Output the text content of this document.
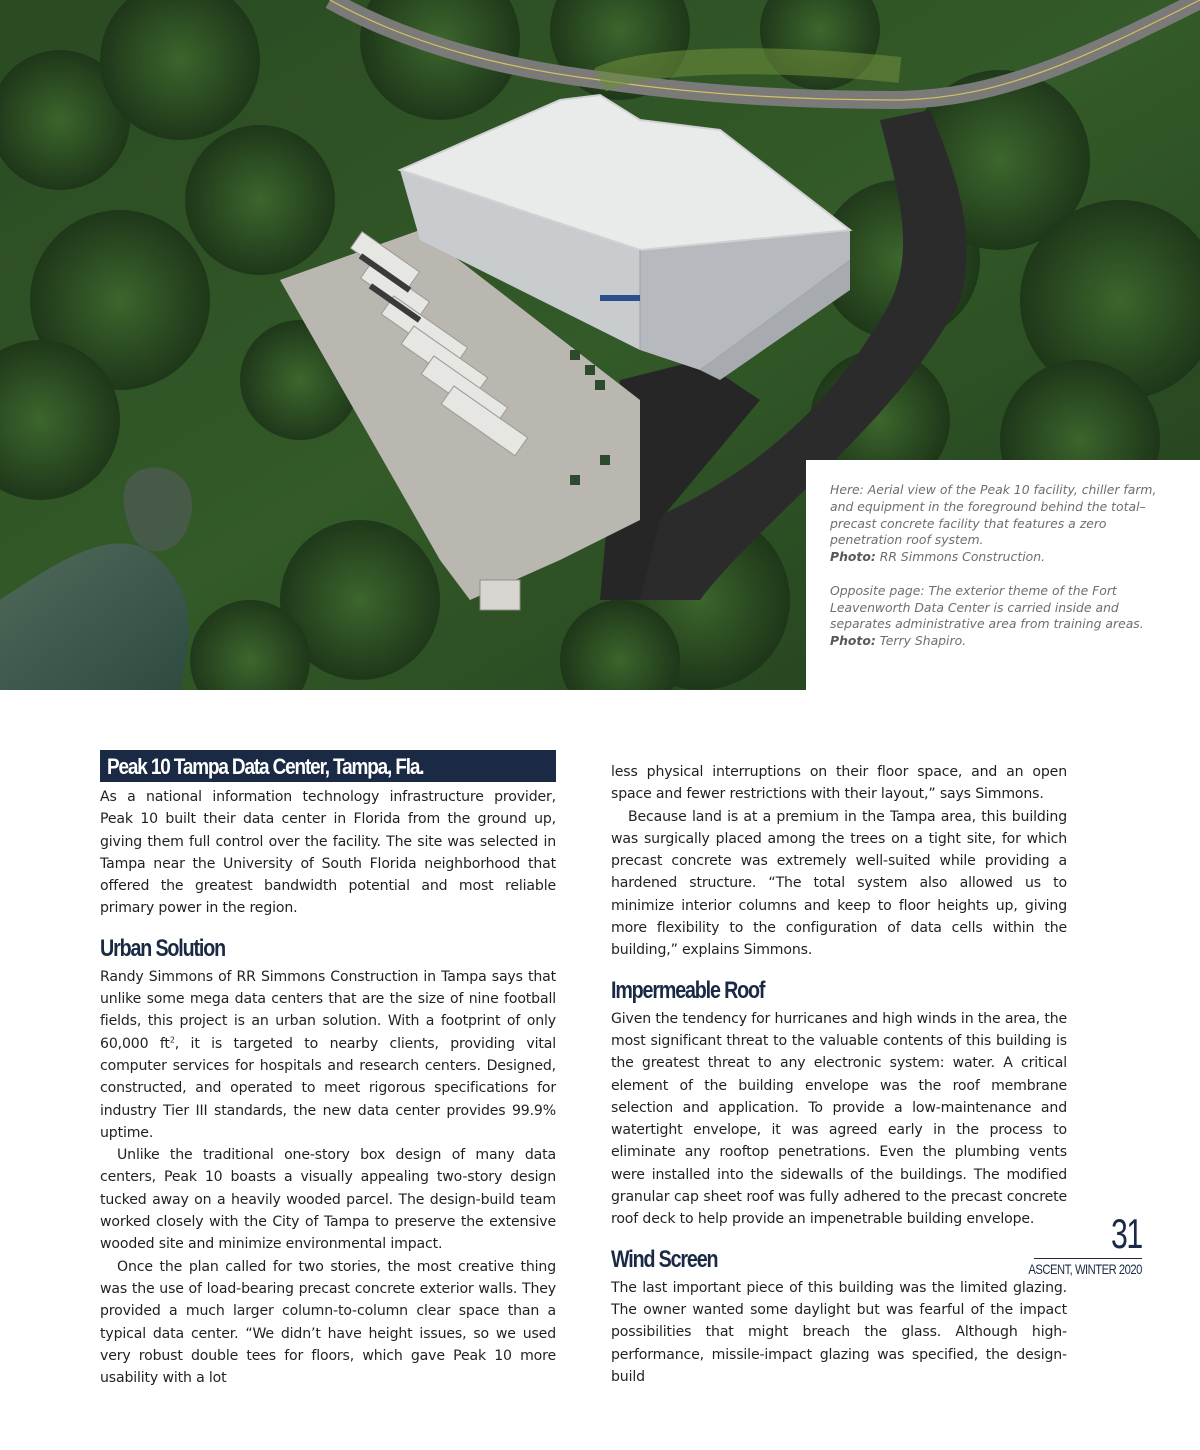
Here: Aerial view of the Peak 10 facility, chiller farm, and equipment in the foreground behind the total–precast concrete facility that features a zero penetration roof system.
Photo: RR Simmons Construction.

Opposite page: The exterior theme of the Fort Leavenworth Data Center is carried inside and separates administrative area from training areas. Photo: Terry Shapiro.

Peak 10 Tampa Data Center, Tampa, Fla.

As a national information technology infrastructure provider, Peak 10 built their data center in Florida from the ground up, giving them full control over the facility. The site was selected in Tampa near the University of South Florida neighborhood that offered the greatest bandwidth potential and most reliable primary power in the region.

Urban Solution

Randy Simmons of RR Simmons Construction in Tampa says that unlike some mega data centers that are the size of nine football fields, this project is an urban solution. With a footprint of only 60,000 $ft^2$, it is targeted to nearby clients, providing vital computer services for hospitals and research centers. Designed, constructed, and operated to meet rigorous specifications for industry Tier III standards, the new data center provides 99.9% uptime.

Unlike the traditional one-story box design of many data centers, Peak 10 boasts a visually appealing two-story design tucked away on a heavily wooded parcel. The design-build team worked closely with the City of Tampa to preserve the extensive wooded site and minimize environmental impact.

Once the plan called for two stories, the most creative thing was the use of load-bearing precast concrete exterior walls. They provided a much larger column-to-column clear space than a typical data center. “We didn’t have height issues, so we used very robust double tees for floors, which gave Peak 10 more usability with a lot

less physical interruptions on their floor space, and an open space and fewer restrictions with their layout,” says Simmons.

Because land is at a premium in the Tampa area, this building was surgically placed among the trees on a tight site, for which precast concrete was extremely well-suited while providing a hardened structure. “The total system also allowed us to minimize interior columns and keep to floor heights up, giving more flexibility to the configuration of data cells within the building,” explains Simmons.

Impermeable Roof

Given the tendency for hurricanes and high winds in the area, the most significant threat to the valuable contents of this building is the greatest threat to any electronic system: water. A critical element of the building envelope was the roof membrane selection and application. To provide a low-maintenance and watertight envelope, it was agreed early in the process to eliminate any rooftop penetrations. Even the plumbing vents were installed into the sidewalls of the buildings. The modified granular cap sheet roof was fully adhered to the precast concrete roof deck to help provide an impenetrable building envelope.

Wind Screen

The last important piece of this building was the limited glazing. The owner wanted some daylight but was fearful of the impact possibilities that might breach the glass. Although high-performance, missile-impact glazing was specified, the design-build

31
ASCENT, WINTER 2020
